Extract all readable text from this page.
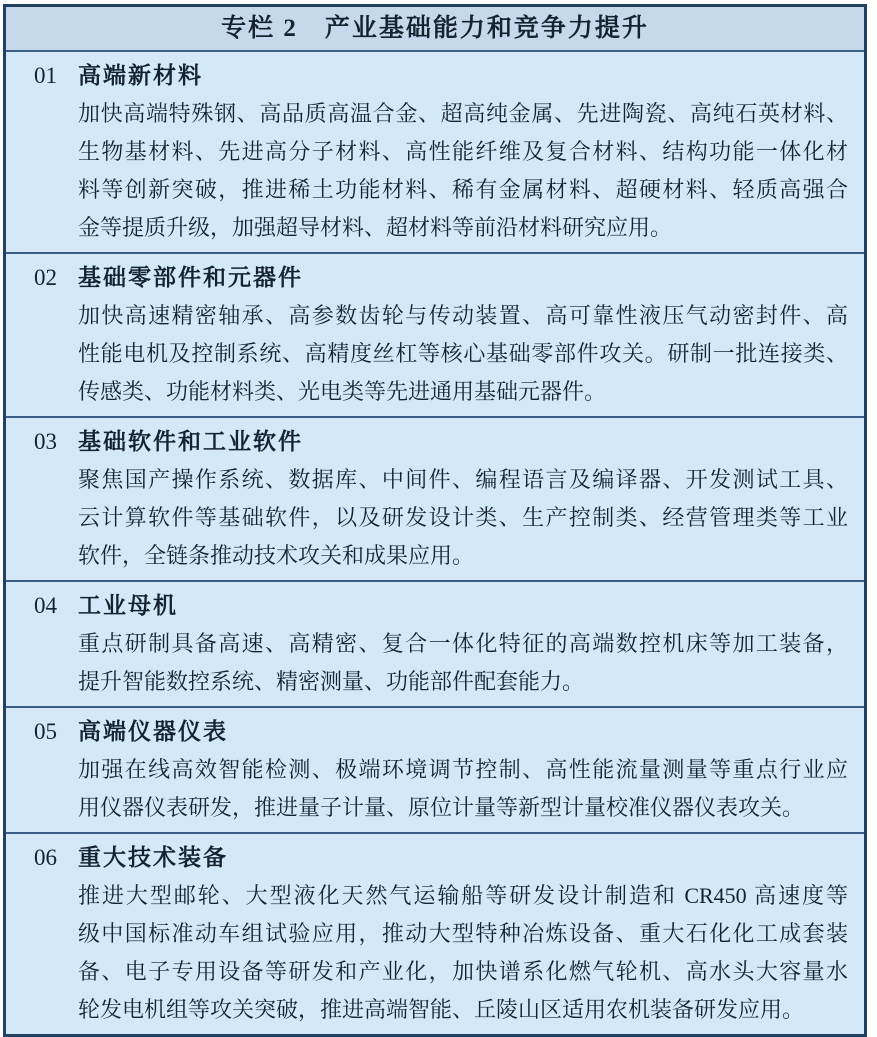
专栏 2　产业基础能力和竞争力提升
01 高端新材料
加快高端特殊钢、高品质高温合金、超高纯金属、先进陶瓷、高纯石英材料、
生物基材料、先进高分子材料、高性能纤维及复合材料、结构功能一体化材
料等创新突破，推进稀土功能材料、稀有金属材料、超硬材料、轻质高强合
金等提质升级，加强超导材料、超材料等前沿材料研究应用。
02 基础零部件和元器件
加快高速精密轴承、高参数齿轮与传动装置、高可靠性液压气动密封件、高
性能电机及控制系统、高精度丝杠等核心基础零部件攻关。研制一批连接类、
传感类、功能材料类、光电类等先进通用基础元器件。
03 基础软件和工业软件
聚焦国产操作系统、数据库、中间件、编程语言及编译器、开发测试工具、
云计算软件等基础软件，以及研发设计类、生产控制类、经营管理类等工业
软件，全链条推动技术攻关和成果应用。
04 工业母机
重点研制具备高速、高精密、复合一体化特征的高端数控机床等加工装备，
提升智能数控系统、精密测量、功能部件配套能力。
05 高端仪器仪表
加强在线高效智能检测、极端环境调节控制、高性能流量测量等重点行业应
用仪器仪表研发，推进量子计量、原位计量等新型计量校准仪器仪表攻关。
06 重大技术装备
推进大型邮轮、大型液化天然气运输船等研发设计制造和 CR450 高速度等
级中国标准动车组试验应用，推动大型特种冶炼设备、重大石化化工成套装
备、电子专用设备等研发和产业化，加快谱系化燃气轮机、高水头大容量水
轮发电机组等攻关突破，推进高端智能、丘陵山区适用农机装备研发应用。
